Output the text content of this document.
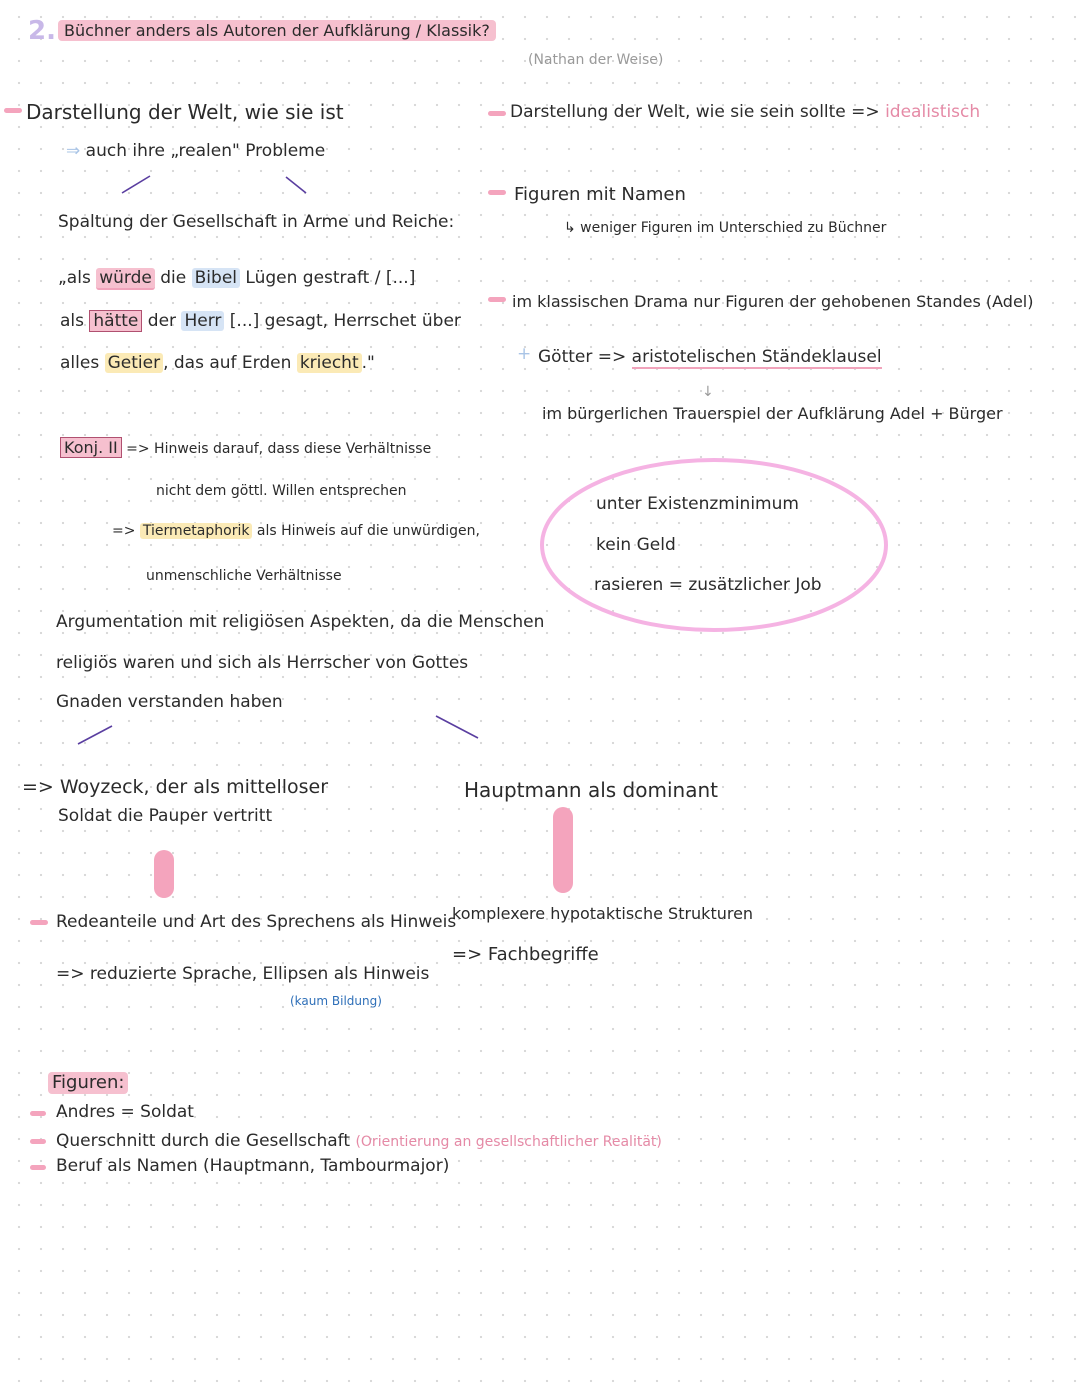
2. Büchner anders als Autoren der Aufklärung / Klassik?
(Nathan der Weise)
Darstellung der Welt, wie sie ist
⇒ auch ihre „realen" Probleme
Spaltung der Gesellschaft in Arme und Reiche:
„als würde die Bibel Lügen gestraft / [...]
als hätte der Herr [...] gesagt, Herrschet über
alles Getier , das auf Erden kriecht ."
Konj. II => Hinweis darauf, dass diese Verhältnisse
nicht dem göttl. Willen entsprechen
=> Tiermetaphorik als Hinweis auf die unwürdigen,
unmenschliche Verhältnisse
Argumentation mit religiösen Aspekten, da die Menschen
religiös waren und sich als Herrscher von Gottes
Gnaden verstanden haben
=> Woyzeck, der als mittelloser
Soldat die Pauper vertritt
Redeanteile und Art des Sprechens als Hinweis
=> reduzierte Sprache, Ellipsen als Hinweis
(kaum Bildung)
Darstellung der Welt, wie sie sein sollte => idealistisch
Figuren mit Namen
↳ weniger Figuren im Unterschied zu Büchner
im klassischen Drama nur Figuren der gehobenen Standes (Adel)
+ Götter => aristotelischen Ständeklausel
↓
im bürgerlichen Trauerspiel der Aufklärung Adel + Bürger
unter Existenzminimum
kein Geld
rasieren = zusätzlicher Job
Hauptmann als dominant
komplexere hypotaktische Strukturen
=> Fachbegriffe
Figuren:
Andres = Soldat
Querschnitt durch die Gesellschaft (Orientierung an gesellschaftlicher Realität)
Beruf als Namen (Hauptmann, Tambourmajor)
